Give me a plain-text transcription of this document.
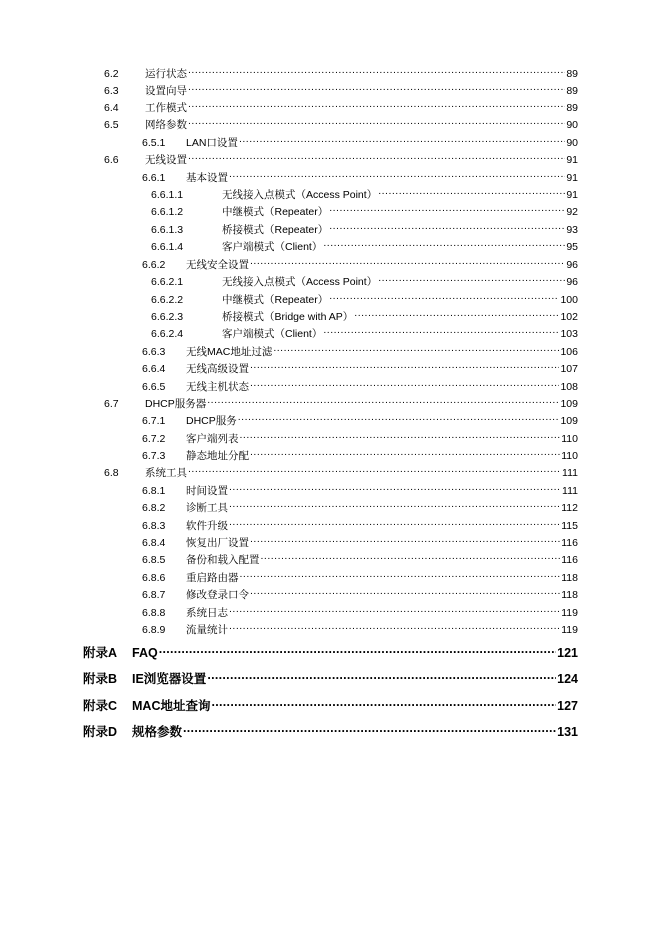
6.2	运行状态 .....	89
6.3	设置向导 .....	89
6.4	工作模式 .....	89
6.5	网络参数 .....	90
6.5.1	LAN口设置 .....	90
6.6	无线设置 .....	91
6.6.1	基本设置 .....	91
6.6.1.1	无线接入点模式（Access Point） .....	91
6.6.1.2	中继模式（Repeater） .....	92
6.6.1.3	桥接模式（Repeater） .....	93
6.6.1.4	客户端模式（Client） .....	95
6.6.2	无线安全设置 .....	96
6.6.2.1	无线接入点模式（Access Point） .....	96
6.6.2.2	中继模式（Repeater） .....	100
6.6.2.3	桥接模式（Bridge with AP） .....	102
6.6.2.4	客户端模式（Client） .....	103
6.6.3	无线MAC地址过滤 .....	106
6.6.4	无线高级设置 .....	107
6.6.5	无线主机状态 .....	108
6.7	DHCP服务器 .....	109
6.7.1	DHCP服务 .....	109
6.7.2	客户端列表 .....	110
6.7.3	静态地址分配 .....	110
6.8	系统工具 .....	111
6.8.1	时间设置 .....	111
6.8.2	诊断工具 .....	112
6.8.3	软件升级 .....	115
6.8.4	恢复出厂设置 .....	116
6.8.5	备份和载入配置 .....	116
6.8.6	重启路由器 .....	118
6.8.7	修改登录口令 .....	118
6.8.8	系统日志 .....	119
6.8.9	流量统计 .....	119
附录A	FAQ .....	121
附录B	IE浏览器设置 .....	124
附录C	MAC地址查询 .....	127
附录D	规格参数 .....	131
